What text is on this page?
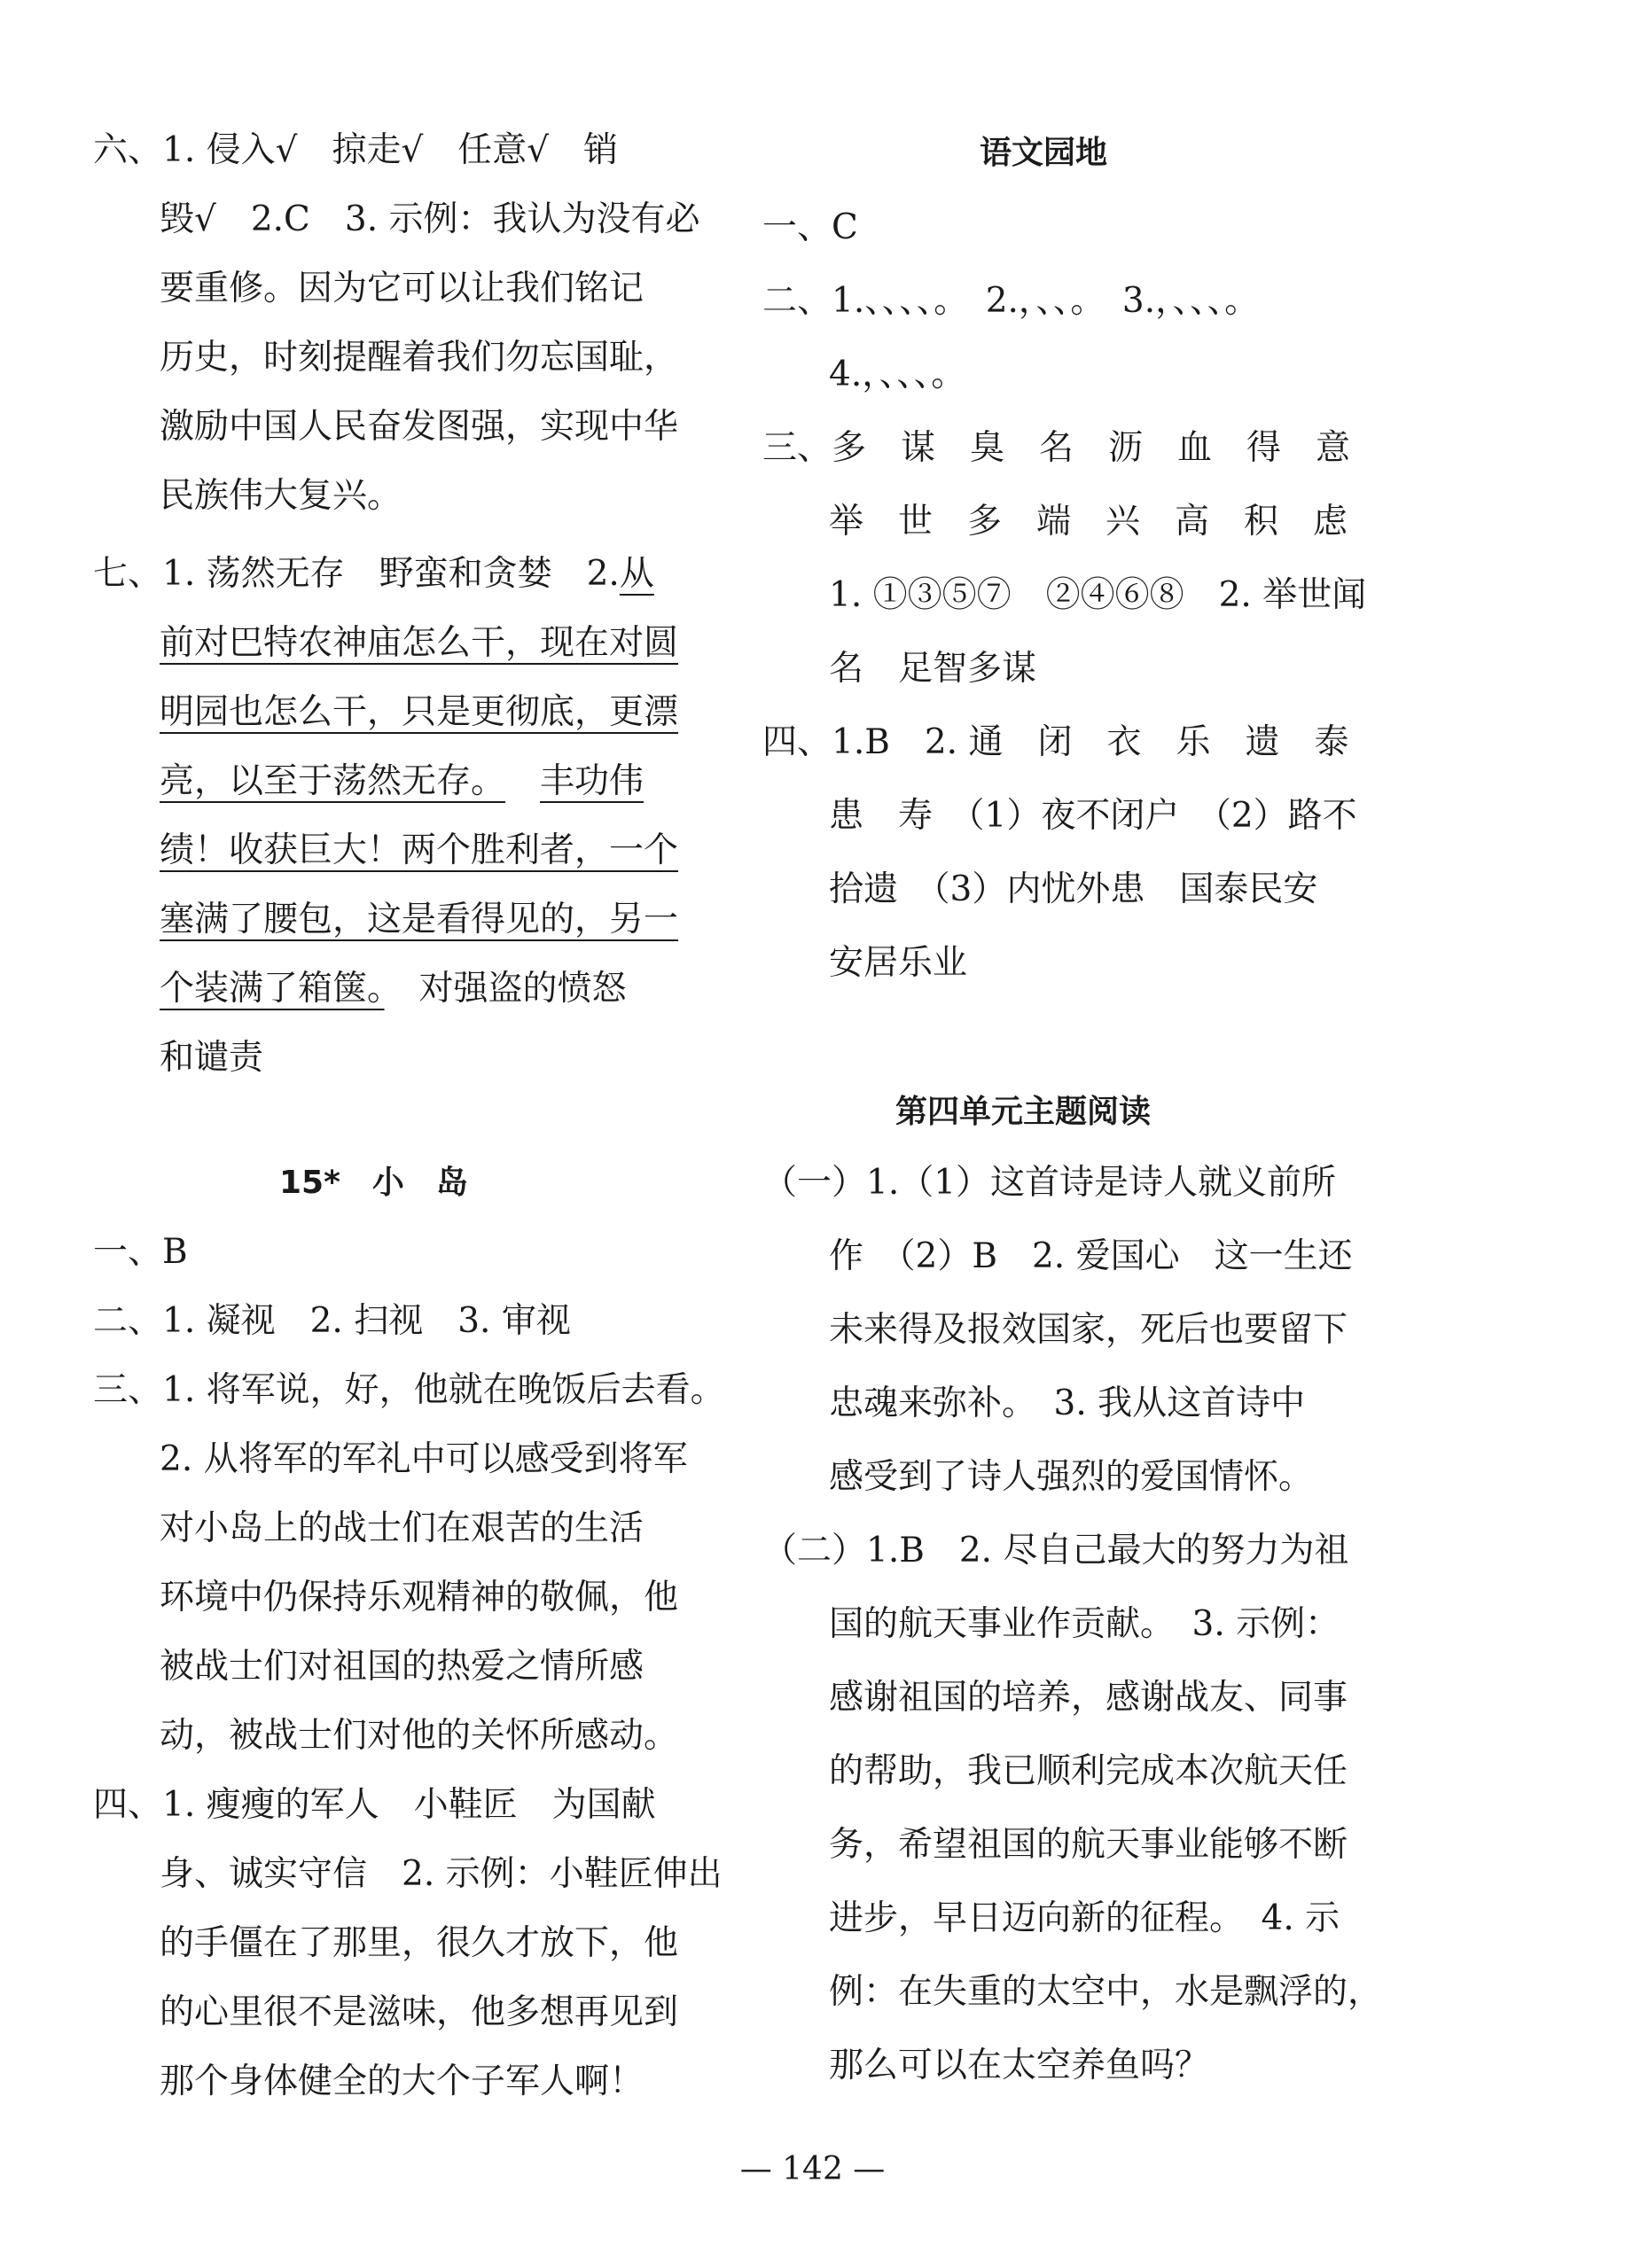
六、1. 侵入√　掠走√　任意√　销
毁√　2.C　3. 示例：我认为没有必
要重修。因为它可以让我们铭记
历史，时刻提醒着我们勿忘国耻，
激励中国人民奋发图强，实现中华
民族伟大复兴。
七、1. 荡然无存　野蛮和贪婪　2.从
前对巴特农神庙怎么干，现在对圆
明园也怎么干，只是更彻底，更漂
亮，以至于荡然无存。　 丰功伟
绩！收获巨大！两个胜利者，一个
塞满了腰包，这是看得见的，另一
个装满了箱箧。　对强盗的愤怒
和谴责
15*　小　岛
一、B
二、1. 凝视　2. 扫视　3. 审视
三、1. 将军说，好，他就在晚饭后去看。
2. 从将军的军礼中可以感受到将军
对小岛上的战士们在艰苦的生活
环境中仍保持乐观精神的敬佩，他
被战士们对祖国的热爱之情所感
动，被战士们对他的关怀所感动。
四、1. 瘦瘦的军人　小鞋匠　为国献
身、诚实守信　2. 示例：小鞋匠伸出
的手僵在了那里，很久才放下，他
的心里很不是滋味，他多想再见到
那个身体健全的大个子军人啊！
语文园地
一、C
二、1.、、、、。　2.，、、。　3.，、、、。
4.，、、、。
三、多　谋　臭　名　沥　血　得　意
举　世　多　端　兴　高　积　虑
1. ①③⑤⑦　②④⑥⑧　2. 举世闻
名　足智多谋
四、1.B　2. 通　闭　衣　乐　遗　泰
患　寿　（1）夜不闭户　（2）路不
拾遗　（3）内忧外患　国泰民安
安居乐业
第四单元主题阅读
（一）1.（1）这首诗是诗人就义前所
作　（2）B　2. 爱国心　这一生还
未来得及报效国家，死后也要留下
忠魂来弥补。　3. 我从这首诗中
感受到了诗人强烈的爱国情怀。
（二）1.B　2. 尽自己最大的努力为祖
国的航天事业作贡献。　3. 示例：
感谢祖国的培养，感谢战友、同事
的帮助，我已顺利完成本次航天任
务，希望祖国的航天事业能够不断
进步，早日迈向新的征程。　4. 示
例：在失重的太空中，水是飘浮的，
那么可以在太空养鱼吗？
— 142 —
